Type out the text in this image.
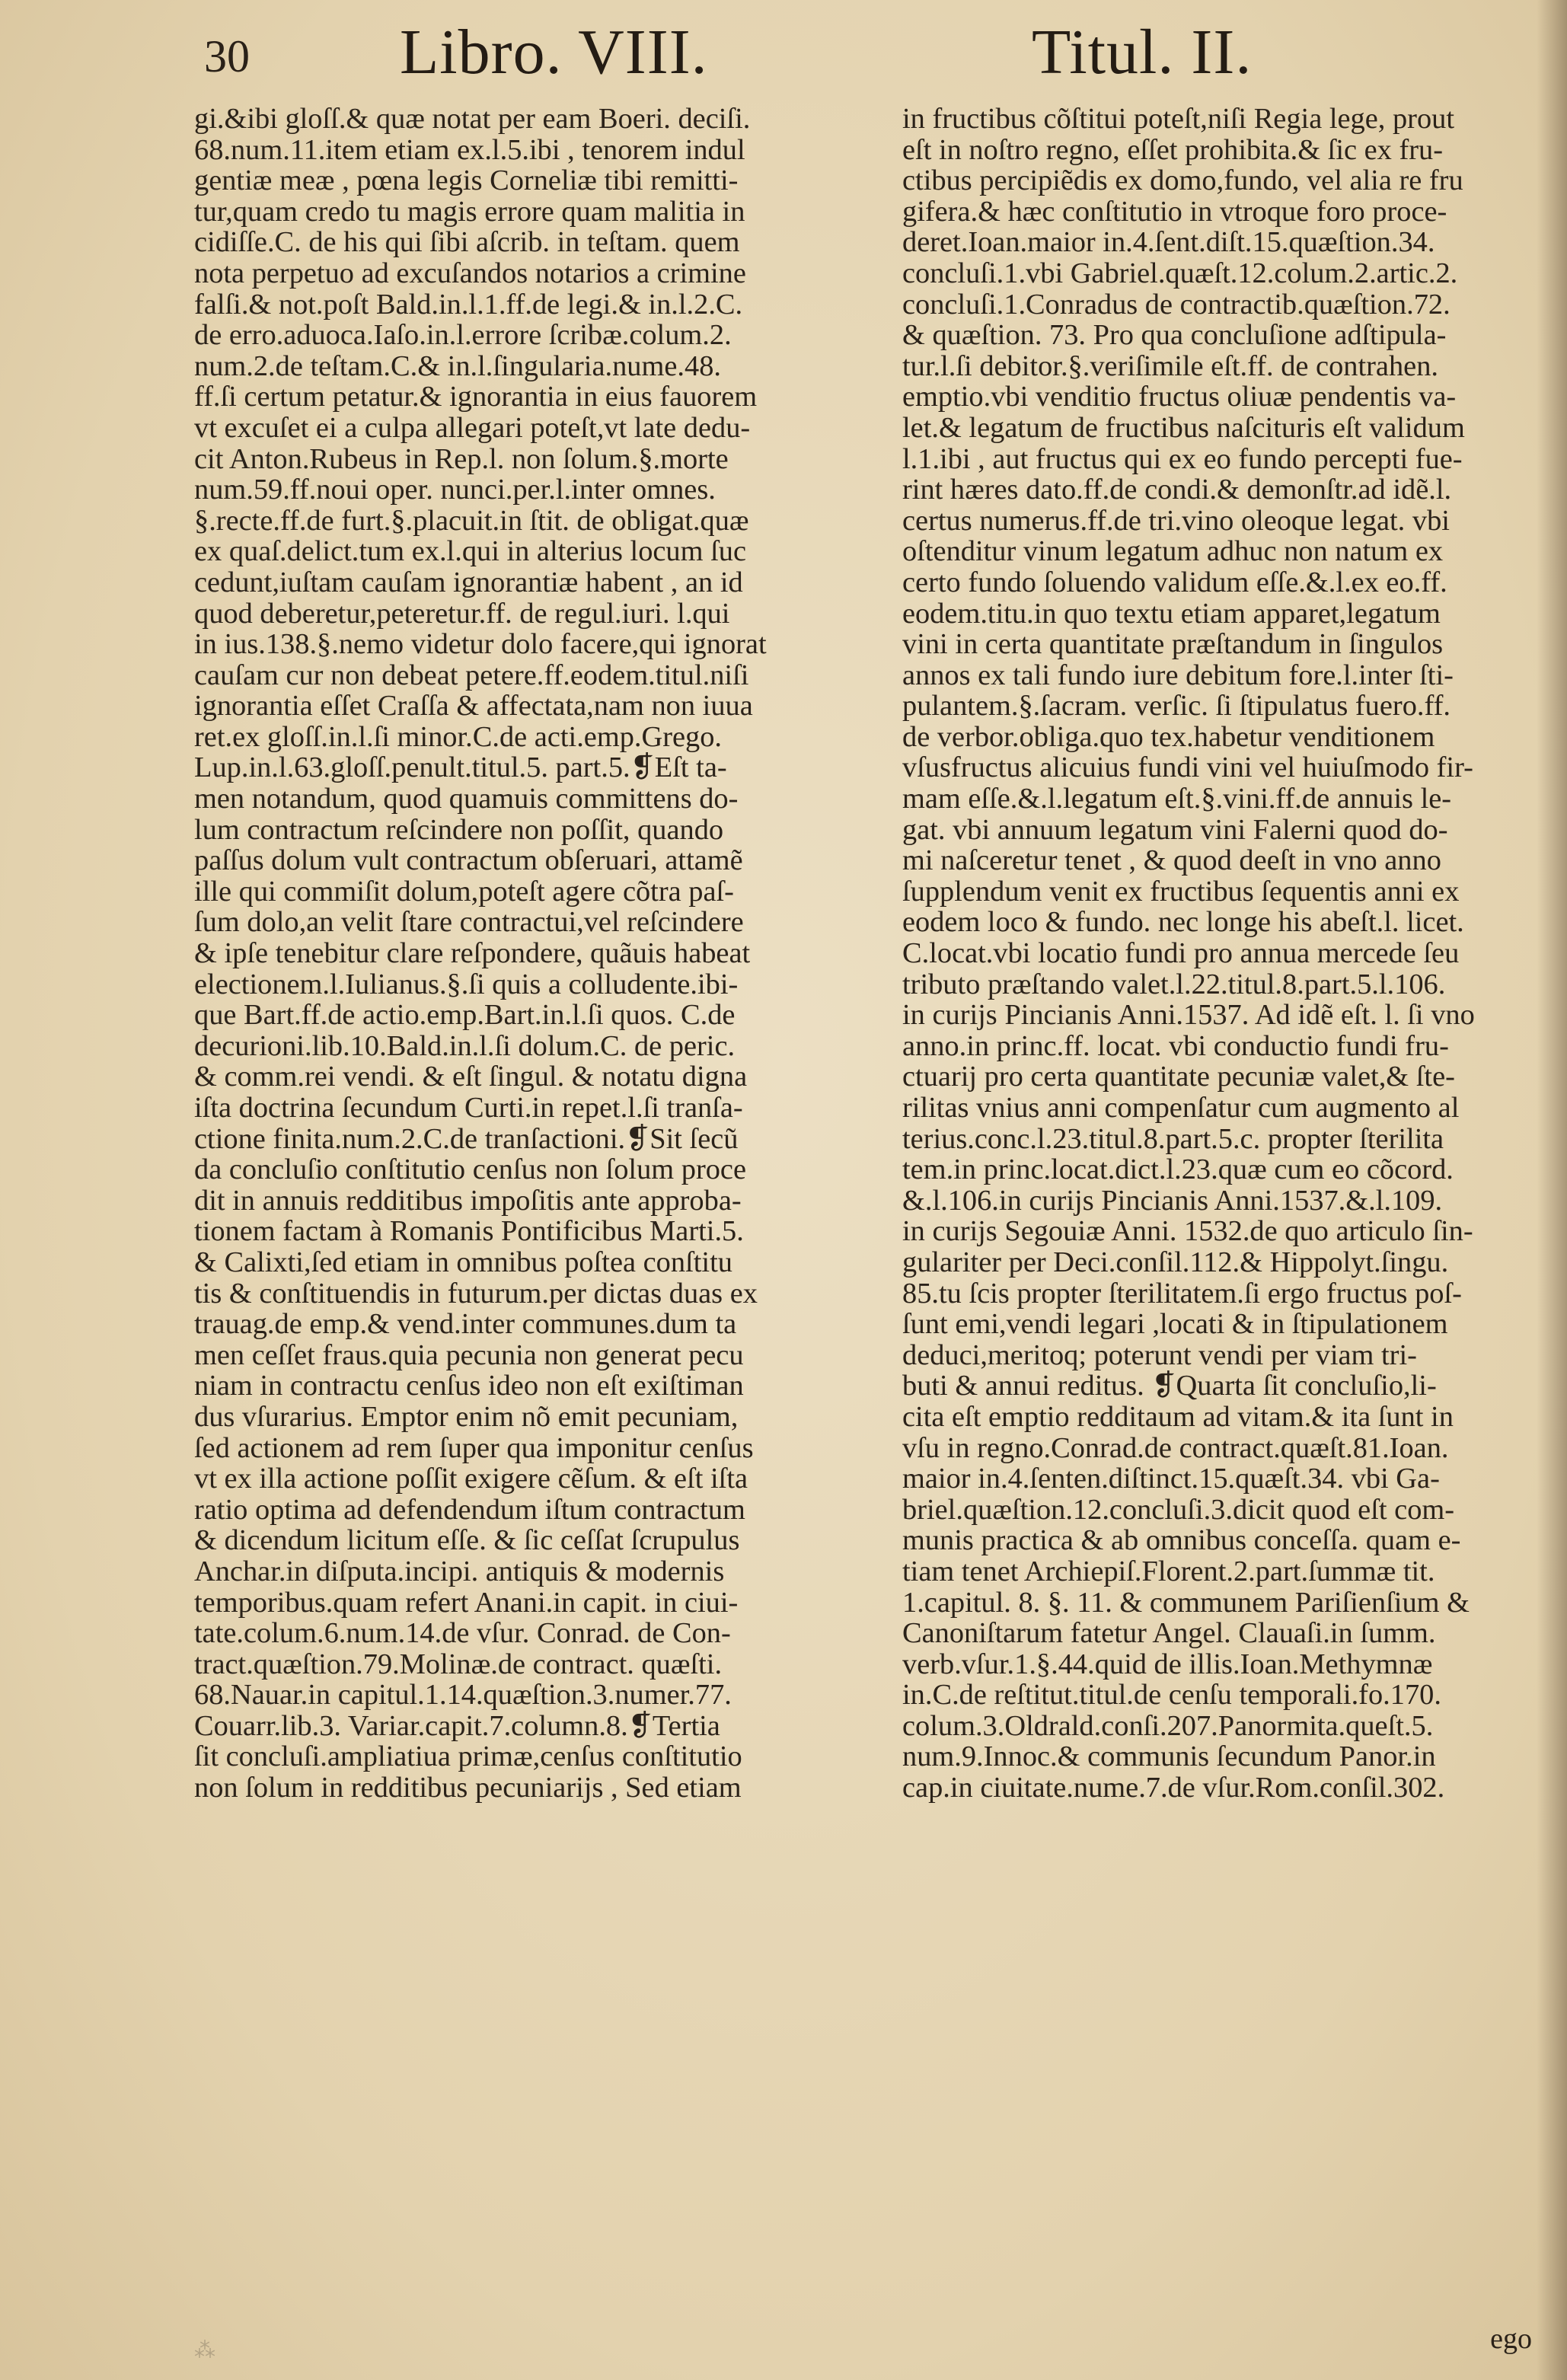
30 Libro. VIII.	Titul. II.
gi.&ibi gloſſ.& quæ notat per eam Boeri. deciſi.
68.num.11.item etiam ex.l.5.ibi , tenorem indul
gentiæ meæ , pœna legis Corneliæ tibi remitti-
tur,quam credo tu magis errore quam malitia in
cidiſſe.C. de his qui ſibi aſcrib. in teſtam. quem
nota perpetuo ad excuſandos notarios a crimine
falſi.& not.poſt Bald.in.l.1.ff.de legi.& in.l.2.C.
de erro.aduoca.Iaſo.in.l.errore ſcribæ.colum.2.
num.2.de teſtam.C.& in.l.ſingularia.nume.48.
ff.ſi certum petatur.& ignorantia in eius fauorem
vt excuſet ei a culpa allegari poteſt,vt late dedu-
cit Anton.Rubeus in Rep.l. non ſolum.§.morte
num.59.ff.noui oper. nunci.per.l.inter omnes.
§.recte.ff.de furt.§.placuit.in ſtit. de obligat.quæ
ex quaſ.delict.tum ex.l.qui in alterius locum ſuc
cedunt,iuſtam cauſam ignorantiæ habent , an id
quod deberetur,peteretur.ff. de regul.iuri. l.qui
in ius.138.§.nemo videtur dolo facere,qui ignorat
cauſam cur non debeat petere.ff.eodem.titul.niſi
ignorantia eſſet Craſſa & affectata,nam non iuua
ret.ex gloſſ.in.l.ſi minor.C.de acti.emp.Grego.
Lup.in.l.63.gloſſ.penult.titul.5. part.5.❡Eſt ta-
men notandum, quod quamuis committens do-
lum contractum reſcindere non poſſit, quando
paſſus dolum vult contractum obſeruari, attamẽ
ille qui commiſit dolum,poteſt agere cõtra paſ-
ſum dolo,an velit ſtare contractui,vel reſcindere
& ipſe tenebitur clare reſpondere, quãuis habeat
electionem.l.Iulianus.§.ſi quis a colludente.ibi-
que Bart.ff.de actio.emp.Bart.in.l.ſi quos. C.de
decurioni.lib.10.Bald.in.l.ſi dolum.C. de peric.
& comm.rei vendi. & eſt ſingul. & notatu digna
iſta doctrina ſecundum Curti.in repet.l.ſi tranſa-
ctione finita.num.2.C.de tranſactioni.❡Sit ſecũ
da concluſio conſtitutio cenſus non ſolum proce
dit in annuis redditibus impoſitis ante approba-
tionem factam à Romanis Pontificibus Marti.5.
& Calixti,ſed etiam in omnibus poſtea conſtitu
tis & conſtituendis in futurum.per dictas duas ex
trauag.de emp.& vend.inter communes.dum ta
men ceſſet fraus.quia pecunia non generat pecu
niam in contractu cenſus ideo non eſt exiſtiman
dus vſurarius. Emptor enim nõ emit pecuniam,
ſed actionem ad rem ſuper qua imponitur cenſus
vt ex illa actione poſſit exigere cẽſum. & eſt iſta
ratio optima ad defendendum iſtum contractum
& dicendum licitum eſſe. & ſic ceſſat ſcrupulus
Anchar.in diſputa.incipi. antiquis & modernis
temporibus.quam refert Anani.in capit. in ciui-
tate.colum.6.num.14.de vſur. Conrad. de Con-
tract.quæſtion.79.Molinæ.de contract. quæſti.
68.Nauar.in capitul.1.14.quæſtion.3.numer.77.
Couarr.lib.3. Variar.capit.7.column.8.❡Tertia
ſit concluſi.ampliatiua primæ,cenſus conſtitutio
non ſolum in redditibus pecuniarijs , Sed etiam
in fructibus cõſtitui poteſt,niſi Regia lege, prout
eſt in noſtro regno, eſſet prohibita.& ſic ex fru-
ctibus percipiẽdis ex domo,fundo, vel alia re fru
gifera.& hæc conſtitutio in vtroque foro proce-
deret.Ioan.maior in.4.ſent.diſt.15.quæſtion.34.
concluſi.1.vbi Gabriel.quæſt.12.colum.2.artic.2.
concluſi.1.Conradus de contractib.quæſtion.72.
& quæſtion. 73. Pro qua concluſione adſtipula-
tur.l.ſi debitor.§.veriſimile eſt.ff. de contrahen.
emptio.vbi venditio fructus oliuæ pendentis va-
let.& legatum de fructibus naſcituris eſt validum
l.1.ibi , aut fructus qui ex eo fundo percepti fue-
rint hæres dato.ff.de condi.& demonſtr.ad idẽ.l.
certus numerus.ff.de tri.vino oleoque legat. vbi
oſtenditur vinum legatum adhuc non natum ex
certo fundo ſoluendo validum eſſe.&.l.ex eo.ff.
eodem.titu.in quo textu etiam apparet,legatum
vini in certa quantitate præſtandum in ſingulos
annos ex tali fundo iure debitum fore.l.inter ſti-
pulantem.§.ſacram. verſic. ſi ſtipulatus fuero.ff.
de verbor.obliga.quo tex.habetur venditionem
vſusfructus alicuius fundi vini vel huiuſmodo fir-
mam eſſe.&.l.legatum eſt.§.vini.ff.de annuis le-
gat. vbi annuum legatum vini Falerni quod do-
mi naſceretur tenet , & quod deeſt in vno anno
ſupplendum venit ex fructibus ſequentis anni ex
eodem loco & fundo. nec longe his abeſt.l. licet.
C.locat.vbi locatio fundi pro annua mercede ſeu
tributo præſtando valet.l.22.titul.8.part.5.l.106.
in curijs Pincianis Anni.1537. Ad idẽ eſt. l. ſi vno
anno.in princ.ff. locat. vbi conductio fundi fru-
ctuarij pro certa quantitate pecuniæ valet,& ſte-
rilitas vnius anni compenſatur cum augmento al
terius.conc.l.23.titul.8.part.5.c. propter ſterilita
tem.in princ.locat.dict.l.23.quæ cum eo cõcord.
&.l.106.in curijs Pincianis Anni.1537.&.l.109.
in curijs Segouiæ Anni. 1532.de quo articulo ſin-
gulariter per Deci.conſil.112.& Hippolyt.ſingu.
85.tu ſcis propter ſterilitatem.ſi ergo fructus poſ-
ſunt emi,vendi legari ,locati & in ſtipulationem
deduci,meritoq; poterunt vendi per viam tri-
buti & annui reditus. ❡Quarta ſit concluſio,li-
cita eſt emptio redditaum ad vitam.& ita ſunt in
vſu in regno.Conrad.de contract.quæſt.81.Ioan.
maior in.4.ſenten.diſtinct.15.quæſt.34. vbi Ga-
briel.quæſtion.12.concluſi.3.dicit quod eſt com-
munis practica & ab omnibus conceſſa. quam e-
tiam tenet Archiepiſ.Florent.2.part.ſummæ tit.
1.capitul. 8. §. 11. & communem Pariſienſium &
Canoniſtarum fatetur Angel. Clauaſi.in ſumm.
verb.vſur.1.§.44.quid de illis.Ioan.Methymnæ
in.C.de reſtitut.titul.de cenſu temporali.fo.170.
colum.3.Oldrald.conſi.207.Panormita.queſt.5.
num.9.Innoc.& communis ſecundum Panor.in
cap.in ciuitate.nume.7.de vſur.Rom.conſil.302.
ego
⁂
